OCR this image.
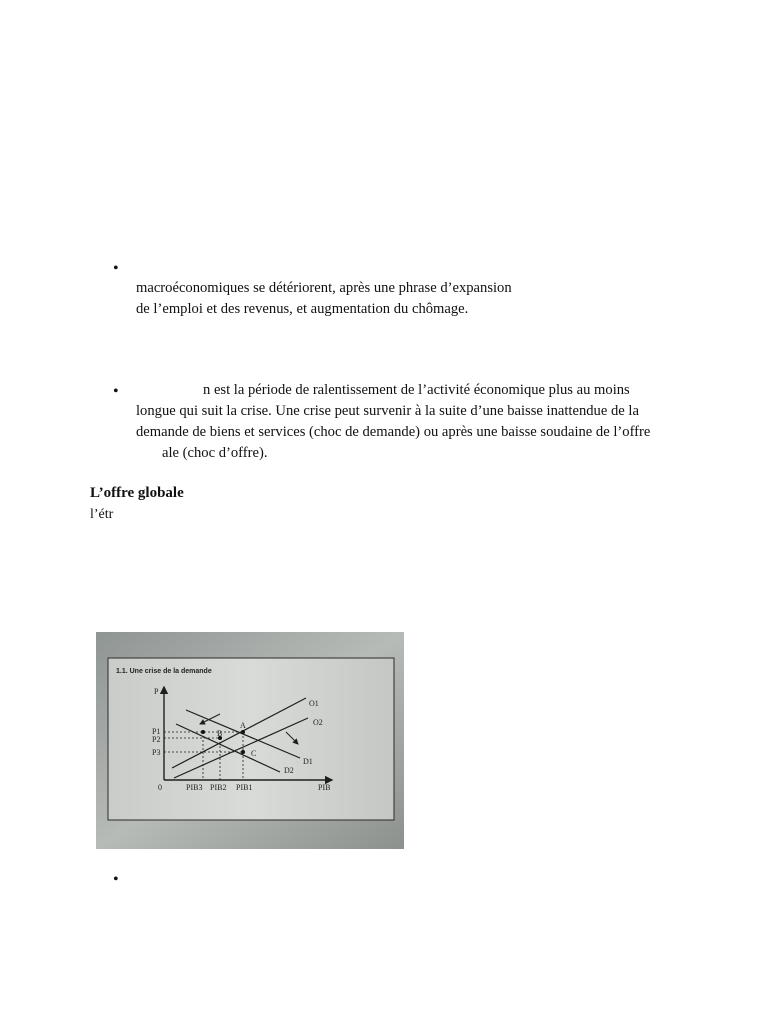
•
macroéconomiques se détériorent, après une phrase d’expansion
de l’emploi et des revenus, et augmentation du chômage.
•	n est la période de ralentissement de l’activité économique plus au moins
longue qui suit la crise. Une crise peut survenir à la suite d’une baisse inattendue de la
demande de biens et services (choc de demande) ou après une baisse soudaine de l’offre
ale (choc d’offre).
L’offre globale
l’étr
1.1. Une crise de la demande
P
PIB
0
A
B
C
P1
P2
P3
PIB3 PIB2 PIB1
O1
O2
D1
D2
•
